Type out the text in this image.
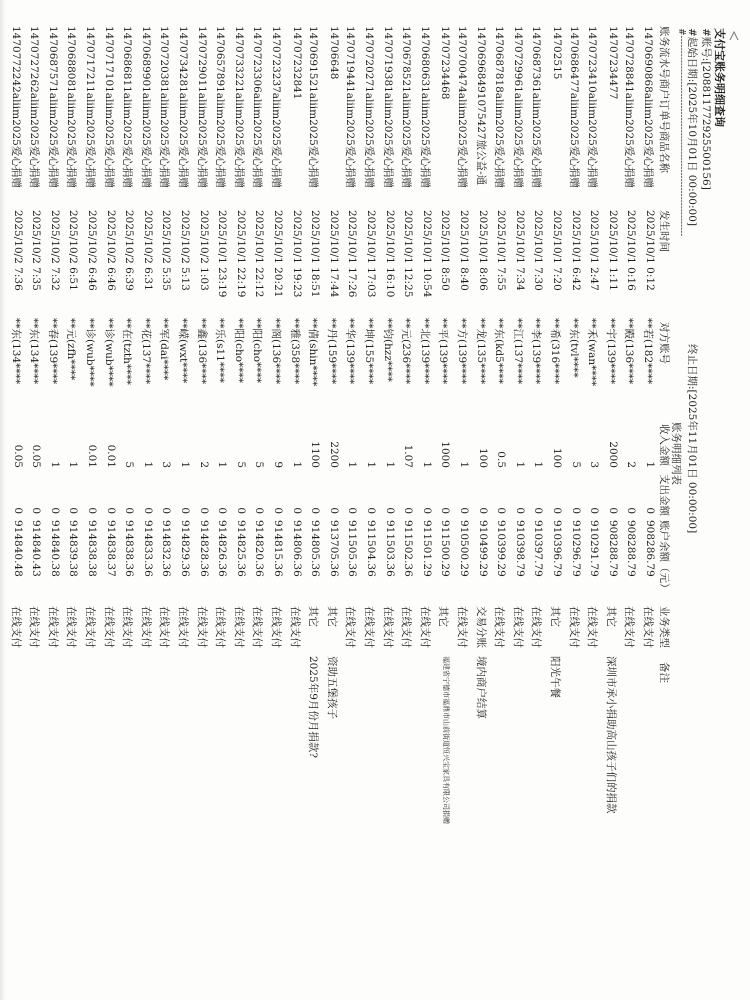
支付宝账务明细查询
#账号:[20881177292550015​6]
#起始日期:[2025年10月01日 00:00:00]
终止日期:[2025年11月01日 00:00:00]
账务明细列表
#------------------------------------------------------------------
账务流水号商户订单号商品名称
发生时间
对方账号
收入金额
支出金额
账户余额（元）
业务类型
备注
1470690868aliim2025爱心捐赠
2025/10/1 0:12
**若(182****
1
0
908286.79
在线支付
1470728841aliim2025爱心捐赠
2025/10/1 0:16
**殿(136****
2
0
908288.79
在线支付
14707234477
2025/10/1 1:11
**宇(139****
2000
0
908288.79
其它
深圳市承小捐助高山孩子们的捐款
1470723410aliim2025爱心捐赠
2025/10/1 2:47
**禾(wan****
3
0
910291.79
在线支付
1470686477aliim2025爱心捐赠
2025/10/1 6:42
**东(tvl****
5
0
910296.79
在线支付
14702515
2025/10/1 7:20
**希(316****
100
0
910396.79
其它
阳光午餐
1470687361aliim2025爱心捐赠
2025/10/1 7:30
**李(139****
1
0
910397.79
在线支付
1470729961aliim2025爱心捐赠
2025/10/1 7:34
**江(137****
1
0
910398.79
在线支付
1470687818aliim2025爱心捐赠
2025/10/1 7:55
**东(kd5****
0.5
0
910399.29
在线支付
14706968491075427旅公益-通
2025/10/1 8:06
**龙(135****
100
0
910499.29
交易分账
境内商户结算
1470700474aliim2025爱心捐赠
2025/10/1 8:40
**方(139****
1
0
910500.29
在线支付
14707234468
2025/10/1 8:50
**平(139****
1000
0
911500.29
其它
福建省宁德市福鼎市山前街道恒兴宝家具有限公司捐赠
1470680631aliim2025爱心捐赠
2025/10/1 10:54
**北(139****
1
0
911501.29
在线支付
1470678521aliim2025爱心捐赠
2025/10/1 12:25
**元(236****
1.07
0
911502.36
在线支付
1470719381aliim2025爱心捐赠
2025/10/1 16:10
**钧(hzz****
1
0
911503.36
在线支付
1470720271aliim2025爱心捐赠
2025/10/1 17:03
**坤(155****
1
0
911504.36
在线支付
1470719441aliim2025爱心捐赠
2025/10/1 17:26
**华(139****
1
0
911505.36
在线支付
14706648
2025/10/1 17:44
**丹(159****
2200
0
913705.36
其它
资助五堡孩子
1470691521aliim2025爱心捐赠
2025/10/1 18:51
**倩(shin****
1100
0
914805.36
其它
2025年9月份月捐款?
14707232841
2025/10/1 19:23
**雅(358****
1
0
914806.36
在线支付
1470723237aliim2025爱心捐赠
2025/10/1 20:21
**阁(136****
9
0
914815.36
在线支付
1470723306aliim2025爱心捐赠
2025/10/1 22:12
**阳(cho****
5
0
914820.36
在线支付
1470733221aliim2025爱心捐赠
2025/10/1 22:19
**阳(cho****
5
0
914825.36
在线支付
1470657891aliim2025爱心捐赠
2025/10/1 23:19
**乐(s11****
1
0
914826.36
在线支付
1470729011aliim2025爱心捐赠
2025/10/2 1:03
**鑫(136****
2
0
914828.36
在线支付
1470734281aliim2025爱心捐赠
2025/10/2 5:13
**嵘(wxt****
1
0
914829.36
在线支付
1470720381aliim2025爱心捐赠
2025/10/2 5:35
**军(dai****
3
0
914832.36
在线支付
1470689901aliim2025爱心捐赠
2025/10/2 6:31
**花(137****
1
0
914833.36
在线支付
1470686811aliim2025爱心捐赠
2025/10/2 6:39
**在(tzth****
5
0
914838.36
在线支付
1470717101aliim2025爱心捐赠
2025/10/2 6:46
**诊(wub****
0.01
0
914838.37
在线支付
1470717211aliim2025爱心捐赠
2025/10/2 6:46
**诊(wub****
0.01
0
914838.38
在线支付
1470688081aliim2025爱心捐赠
2025/10/2 6:51
**元(zfh****
1
0
914839.38
在线支付
1470687571aliim2025爱心捐赠
2025/10/2 7:32
**春(139****
1
0
914840.38
在线支付
1470727262aliim2025爱心捐赠
2025/10/2 7:35
**东(134****
0.05
0
914840.43
在线支付
1470772242aliim2025爱心捐赠
2025/10/2 7:36
**东(134****
0.05
0
914840.48
在线支付
